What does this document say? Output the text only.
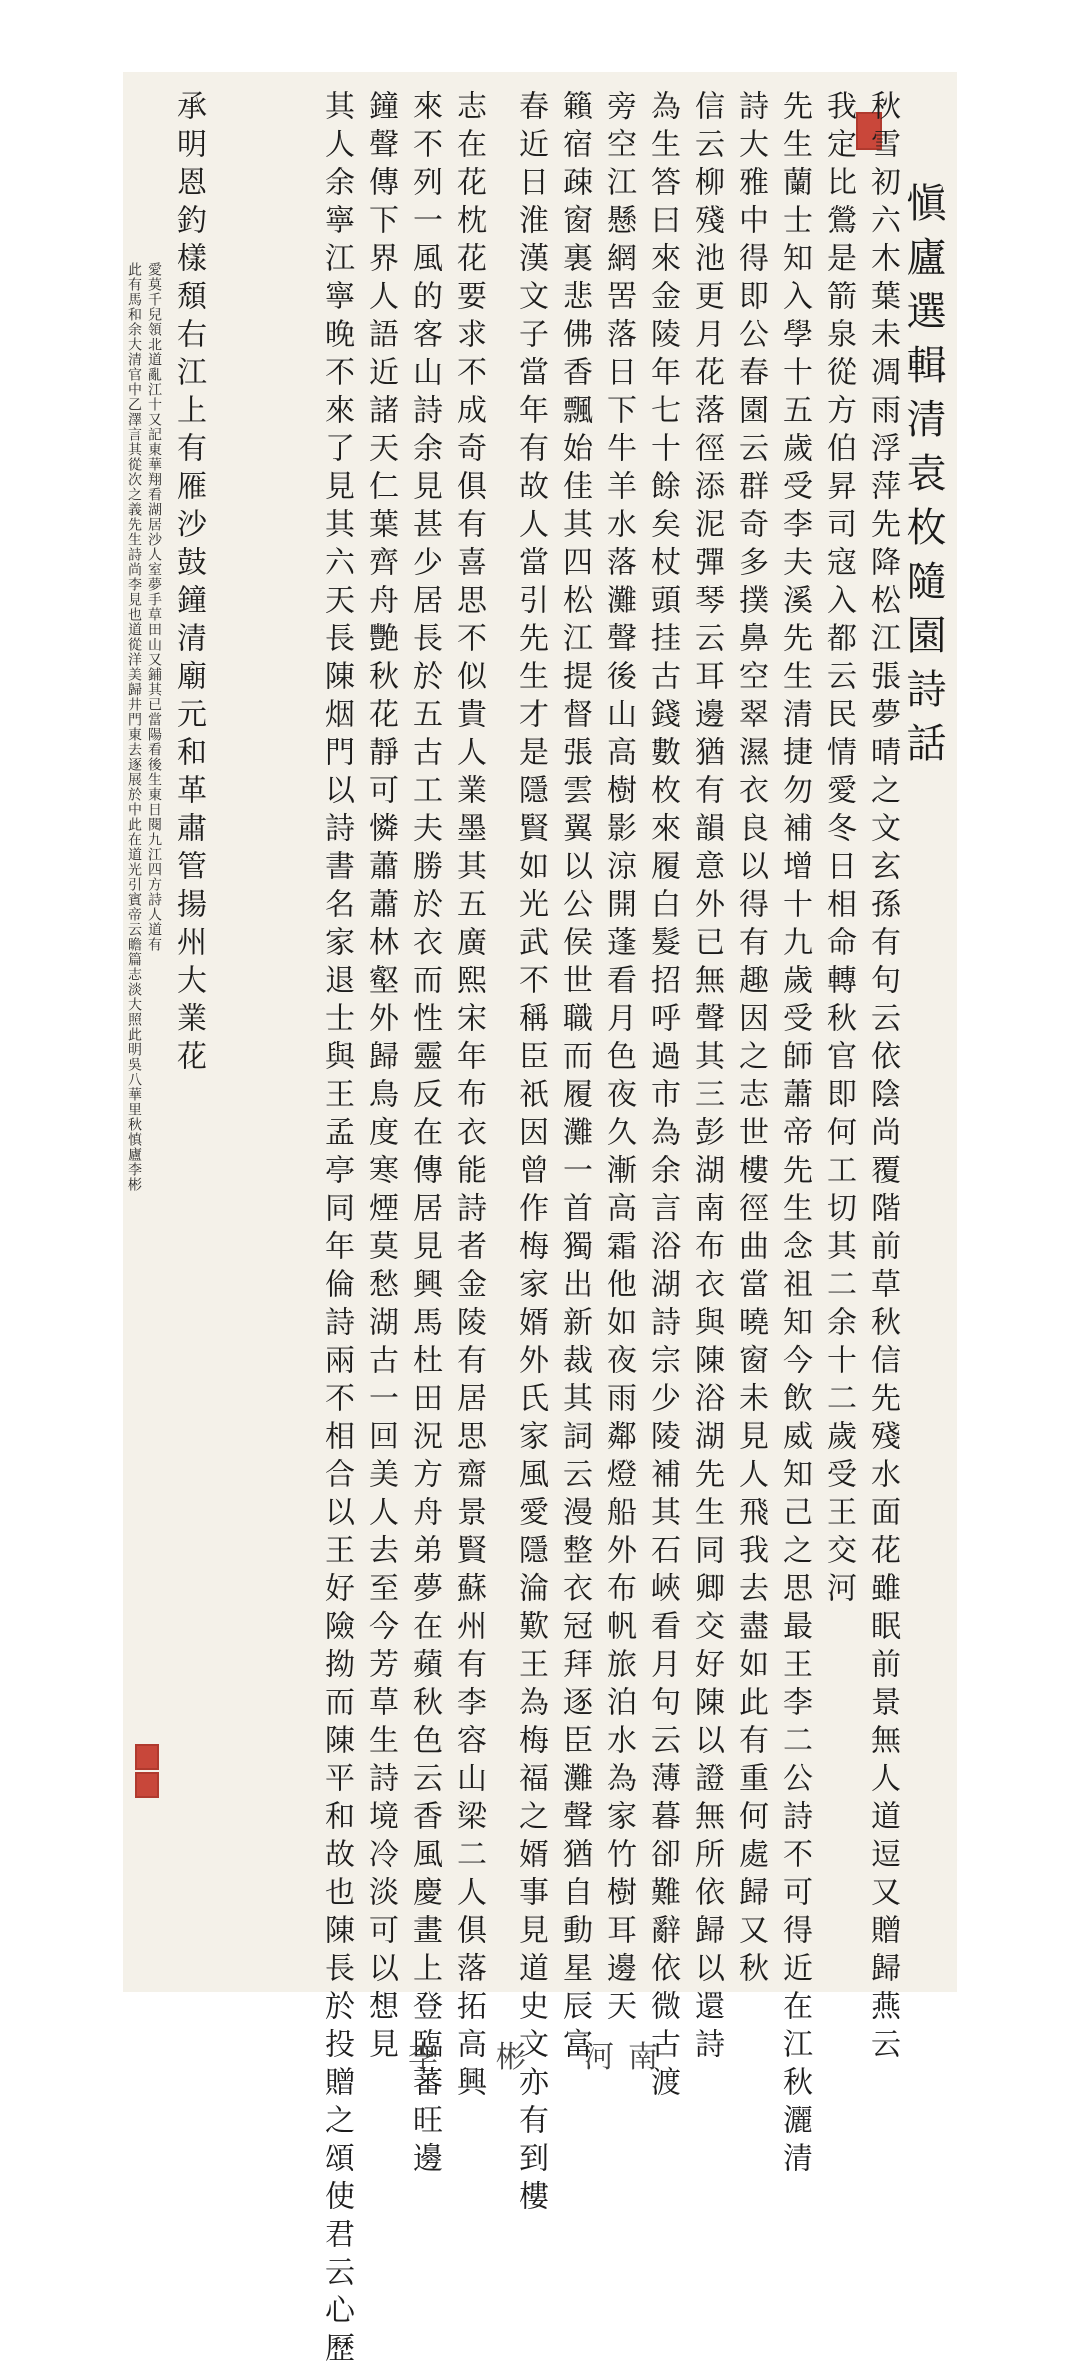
愼廬選輯清袁枚隨園詩話
秋雪初六木葉未凋雨浮萍先降松江張夢晴之文玄孫有句云依陰尚覆階前草秋信先殘水面花雖眠前景無人道逗又贈歸燕云
我定比鶯是箭泉從方伯昇司寇入都云民情愛冬日相命轉秋官即何工切其二余十二歲受王交河
先生蘭士知入學十五歲受李夫溪先生清捷勿補增十九歲受師蕭帝先生念祖知今飲威知己之思最王李二公詩不可得近在江秋灑清
詩大雅中得即公春園云群奇多撲鼻空翠濕衣良以得有趣因之志世樓徑曲當曉窗未見人飛我去盡如此有重何處歸又秋
信云柳殘池更月花落徑添泥彈琴云耳邊猶有韻意外已無聲其三彭湖南布衣與陳浴湖先生同卿交好陳以證無所依歸以還詩
為生答曰來金陵年七十餘矣杖頭挂古錢數枚來履白髮招呼過市為余言浴湖詩宗少陵補其石峽看月句云薄暮卻難辭依微古渡
旁空江懸網罟落日下牛羊水落灘聲後山高樹影涼開蓬看月色夜久漸高霜他如夜雨鄰燈船外布帆旅泊水為家竹樹耳邊天
籟宿疎窗裏悲佛香飄始佳其四松江提督張雲翼以公侯世職而履灘一首獨出新裁其詞云漫整衣冠拜逐臣灘聲猶自動星辰富
春近日淮漢文子當年有故人當引先生才是隱賢如光武不稱臣祇因曾作梅家婿外氏家風愛隱淪歎王為梅福之婿事見道史文亦有到樓
志在花枕花要求不成奇俱有喜思不似貴人業墨其五廣熙宋年布衣能詩者金陵有居思齋景賢蘇州有李容山梁二人俱落拓高興
來不列一風的客山詩余見甚少居長於五古工夫勝於衣而性靈反在傳居見興馬杜田況方舟弟夢在蘋秋色云香風慶畫上登臨蕃旺邊
鐘聲傳下界人語近諸天仁葉齊舟艷秋花靜可憐蕭蕭林壑外歸鳥度寒煙莫愁湖古一回美人去至今芳草生詩境冷淡可以想見
其人余寧江寧晚不來了見其六天長陳烟門以詩書名家退士與王孟亭同年倫詩兩不相合以王好險拗而陳平和故也陳長於投贈之頌使君云心歷
承明恩釣樣頹右江上有雁沙鼓鐘清廟元和革肅管揚州大業花
愛莫千兒領北道亂江十又記東華翔看湖居沙人室夢手草田山又鋪其已當陽看後生東日閱九江四方詩人道有
此有馬和余大清官中乙澤言其從次之義先生詩尚李見也道從洋美歸井門東去逐展於中此在道光引賓帝云瞻篇志淡大照此明吳八華里秋慎廬李彬
李　彬　河南
